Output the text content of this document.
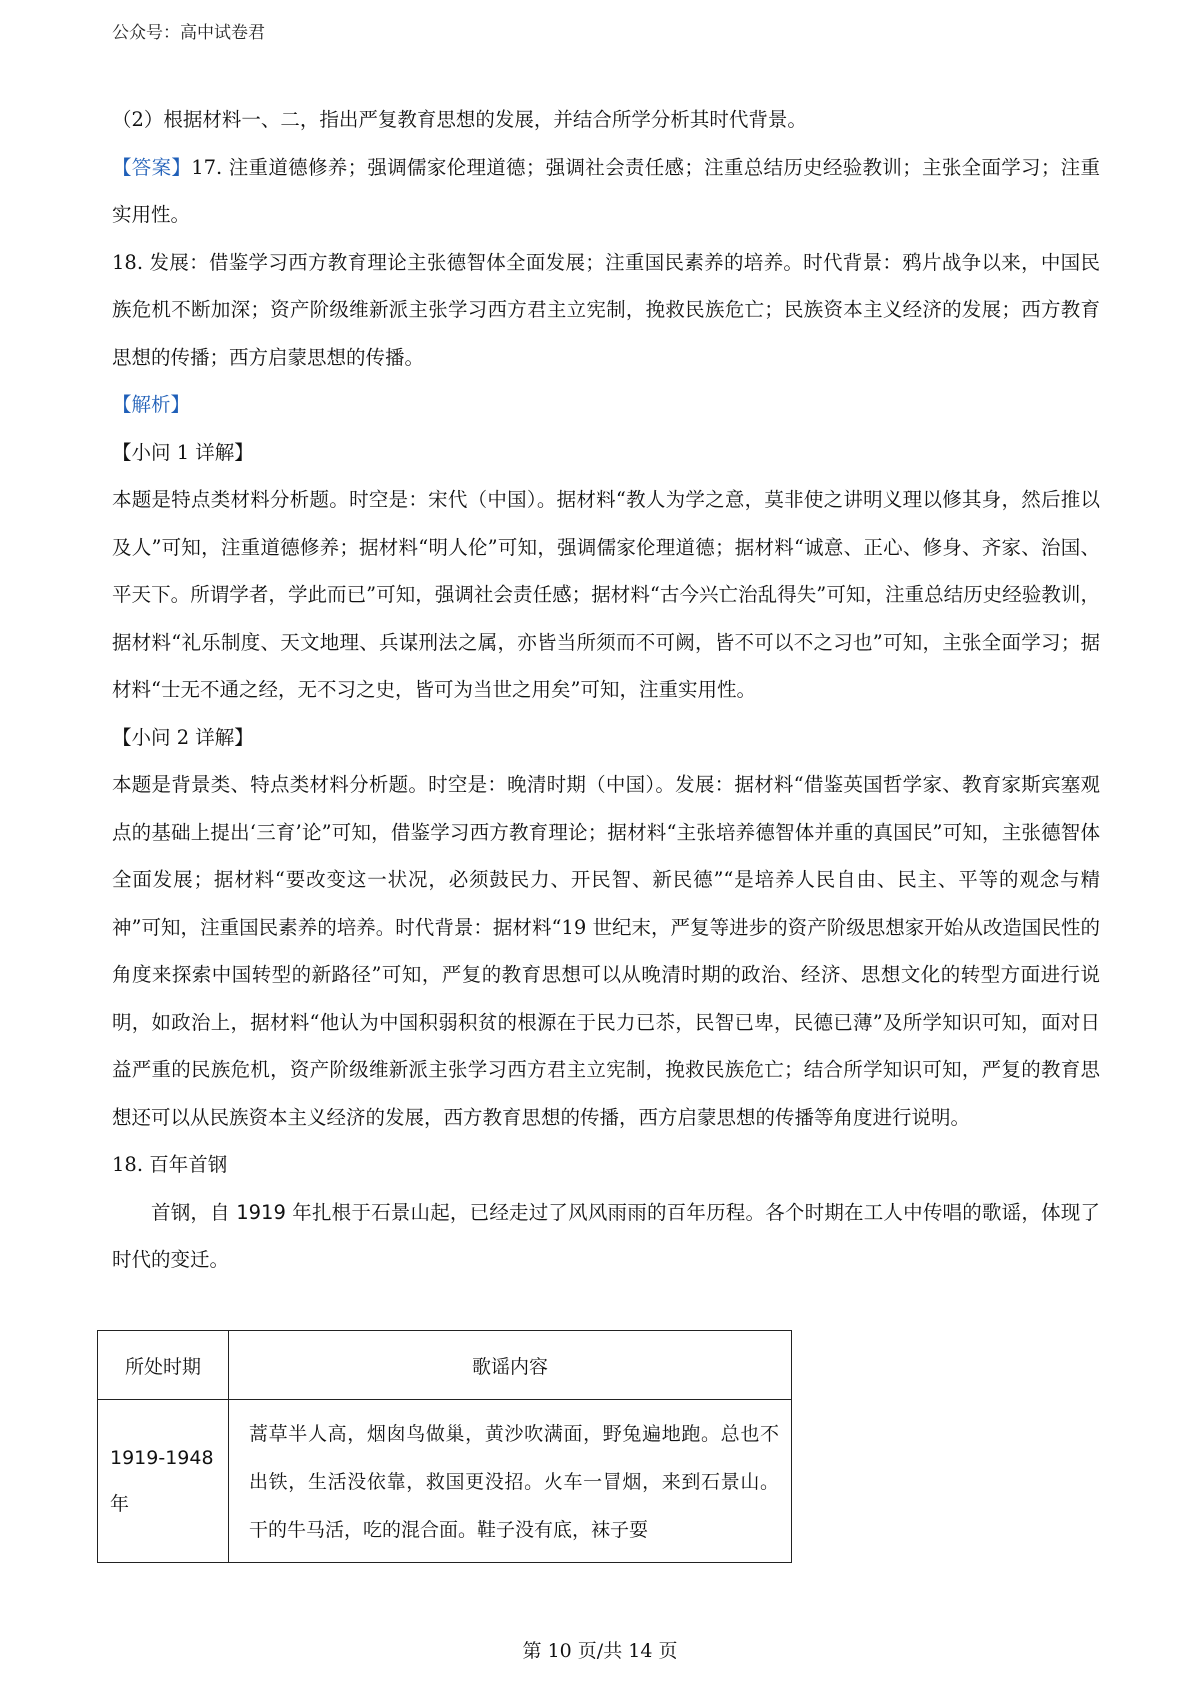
公众号：高中试卷君

（2）根据材料一、二，指出严复教育思想的发展，并结合所学分析其时代背景。

【答案】17. 注重道德修养；强调儒家伦理道德；强调社会责任感；注重总结历史经验教训；主张全面学习；注重实用性。

18. 发展：借鉴学习西方教育理论主张德智体全面发展；注重国民素养的培养。时代背景：鸦片战争以来，中国民族危机不断加深；资产阶级维新派主张学习西方君主立宪制，挽救民族危亡；民族资本主义经济的发展；西方教育思想的传播；西方启蒙思想的传播。

【解析】

【小问 1 详解】

本题是特点类材料分析题。时空是：宋代（中国）。据材料“教人为学之意，莫非使之讲明义理以修其身，然后推以及人”可知，注重道德修养；据材料“明人伦”可知，强调儒家伦理道德；据材料“诚意、正心、修身、齐家、治国、平天下。所谓学者，学此而已”可知，强调社会责任感；据材料“古今兴亡治乱得失”可知，注重总结历史经验教训，据材料“礼乐制度、天文地理、兵谋刑法之属，亦皆当所须而不可阙，皆不可以不之习也”可知，主张全面学习；据材料“士无不通之经，无不习之史，皆可为当世之用矣”可知，注重实用性。

【小问 2 详解】

本题是背景类、特点类材料分析题。时空是：晚清时期（中国）。发展：据材料“借鉴英国哲学家、教育家斯宾塞观点的基础上提出‘三育’论”可知，借鉴学习西方教育理论；据材料“主张培养德智体并重的真国民”可知，主张德智体全面发展；据材料“要改变这一状况，必须鼓民力、开民智、新民德”“是培养人民自由、民主、平等的观念与精神”可知，注重国民素养的培养。时代背景：据材料“19 世纪末，严复等进步的资产阶级思想家开始从改造国民性的角度来探索中国转型的新路径”可知，严复的教育思想可以从晚清时期的政治、经济、思想文化的转型方面进行说明，如政治上，据材料“他认为中国积弱积贫的根源在于民力已苶，民智已卑，民德已薄”及所学知识可知，面对日益严重的民族危机，资产阶级维新派主张学习西方君主立宪制，挽救民族危亡；结合所学知识可知，严复的教育思想还可以从民族资本主义经济的发展，西方教育思想的传播，西方启蒙思想的传播等角度进行说明。

18. 百年首钢

首钢，自 1919 年扎根于石景山起，已经走过了风风雨雨的百年历程。各个时期在工人中传唱的歌谣，体现了时代的变迁。

所处时期	歌谣内容
1919-1948 年	蒿草半人高，烟囱鸟做巢，黄沙吹满面，野兔遍地跑。总也不出铁，生活没依靠，救国更没招。火车一冒烟，来到石景山。干的牛马活，吃的混合面。鞋子没有底，袜子耍
第 10 页/共 14 页
